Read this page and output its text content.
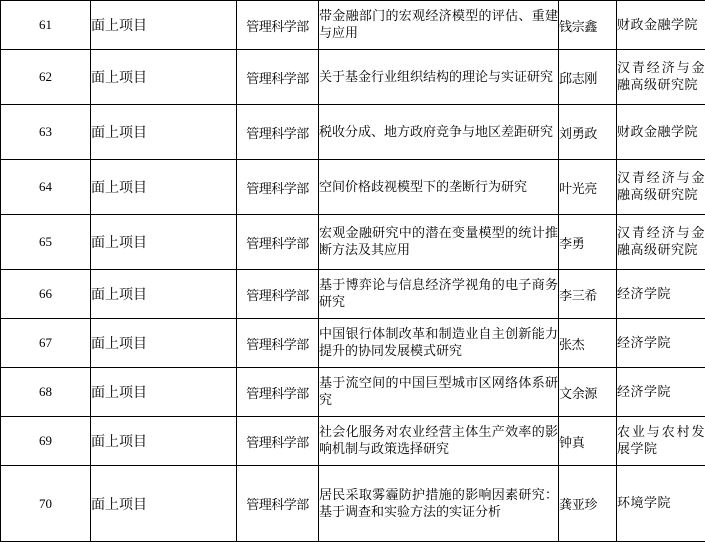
61	面上项目	管理科学部	带金融部门的宏观经济模型的评估、重建与应用	钱宗鑫	财政金融学院
62	面上项目	管理科学部	关于基金行业组织结构的理论与实证研究	邱志刚	汉青经济与金融高级研究院
63	面上项目	管理科学部	税收分成、地方政府竞争与地区差距研究	刘勇政	财政金融学院
64	面上项目	管理科学部	空间价格歧视模型下的垄断行为研究	叶光亮	汉青经济与金融高级研究院
65	面上项目	管理科学部	宏观金融研究中的潜在变量模型的统计推断方法及其应用	李勇	汉青经济与金融高级研究院
66	面上项目	管理科学部	基于博弈论与信息经济学视角的电子商务研究	李三希	经济学院
67	面上项目	管理科学部	中国银行体制改革和制造业自主创新能力提升的协同发展模式研究	张杰	经济学院
68	面上项目	管理科学部	基于流空间的中国巨型城市区网络体系研究	文余源	经济学院
69	面上项目	管理科学部	社会化服务对农业经营主体生产效率的影响机制与政策选择研究	钟真	农业与农村发展学院
70	面上项目	管理科学部	居民采取雾霾防护措施的影响因素研究：基于调查和实验方法的实证分析	龚亚珍	环境学院
